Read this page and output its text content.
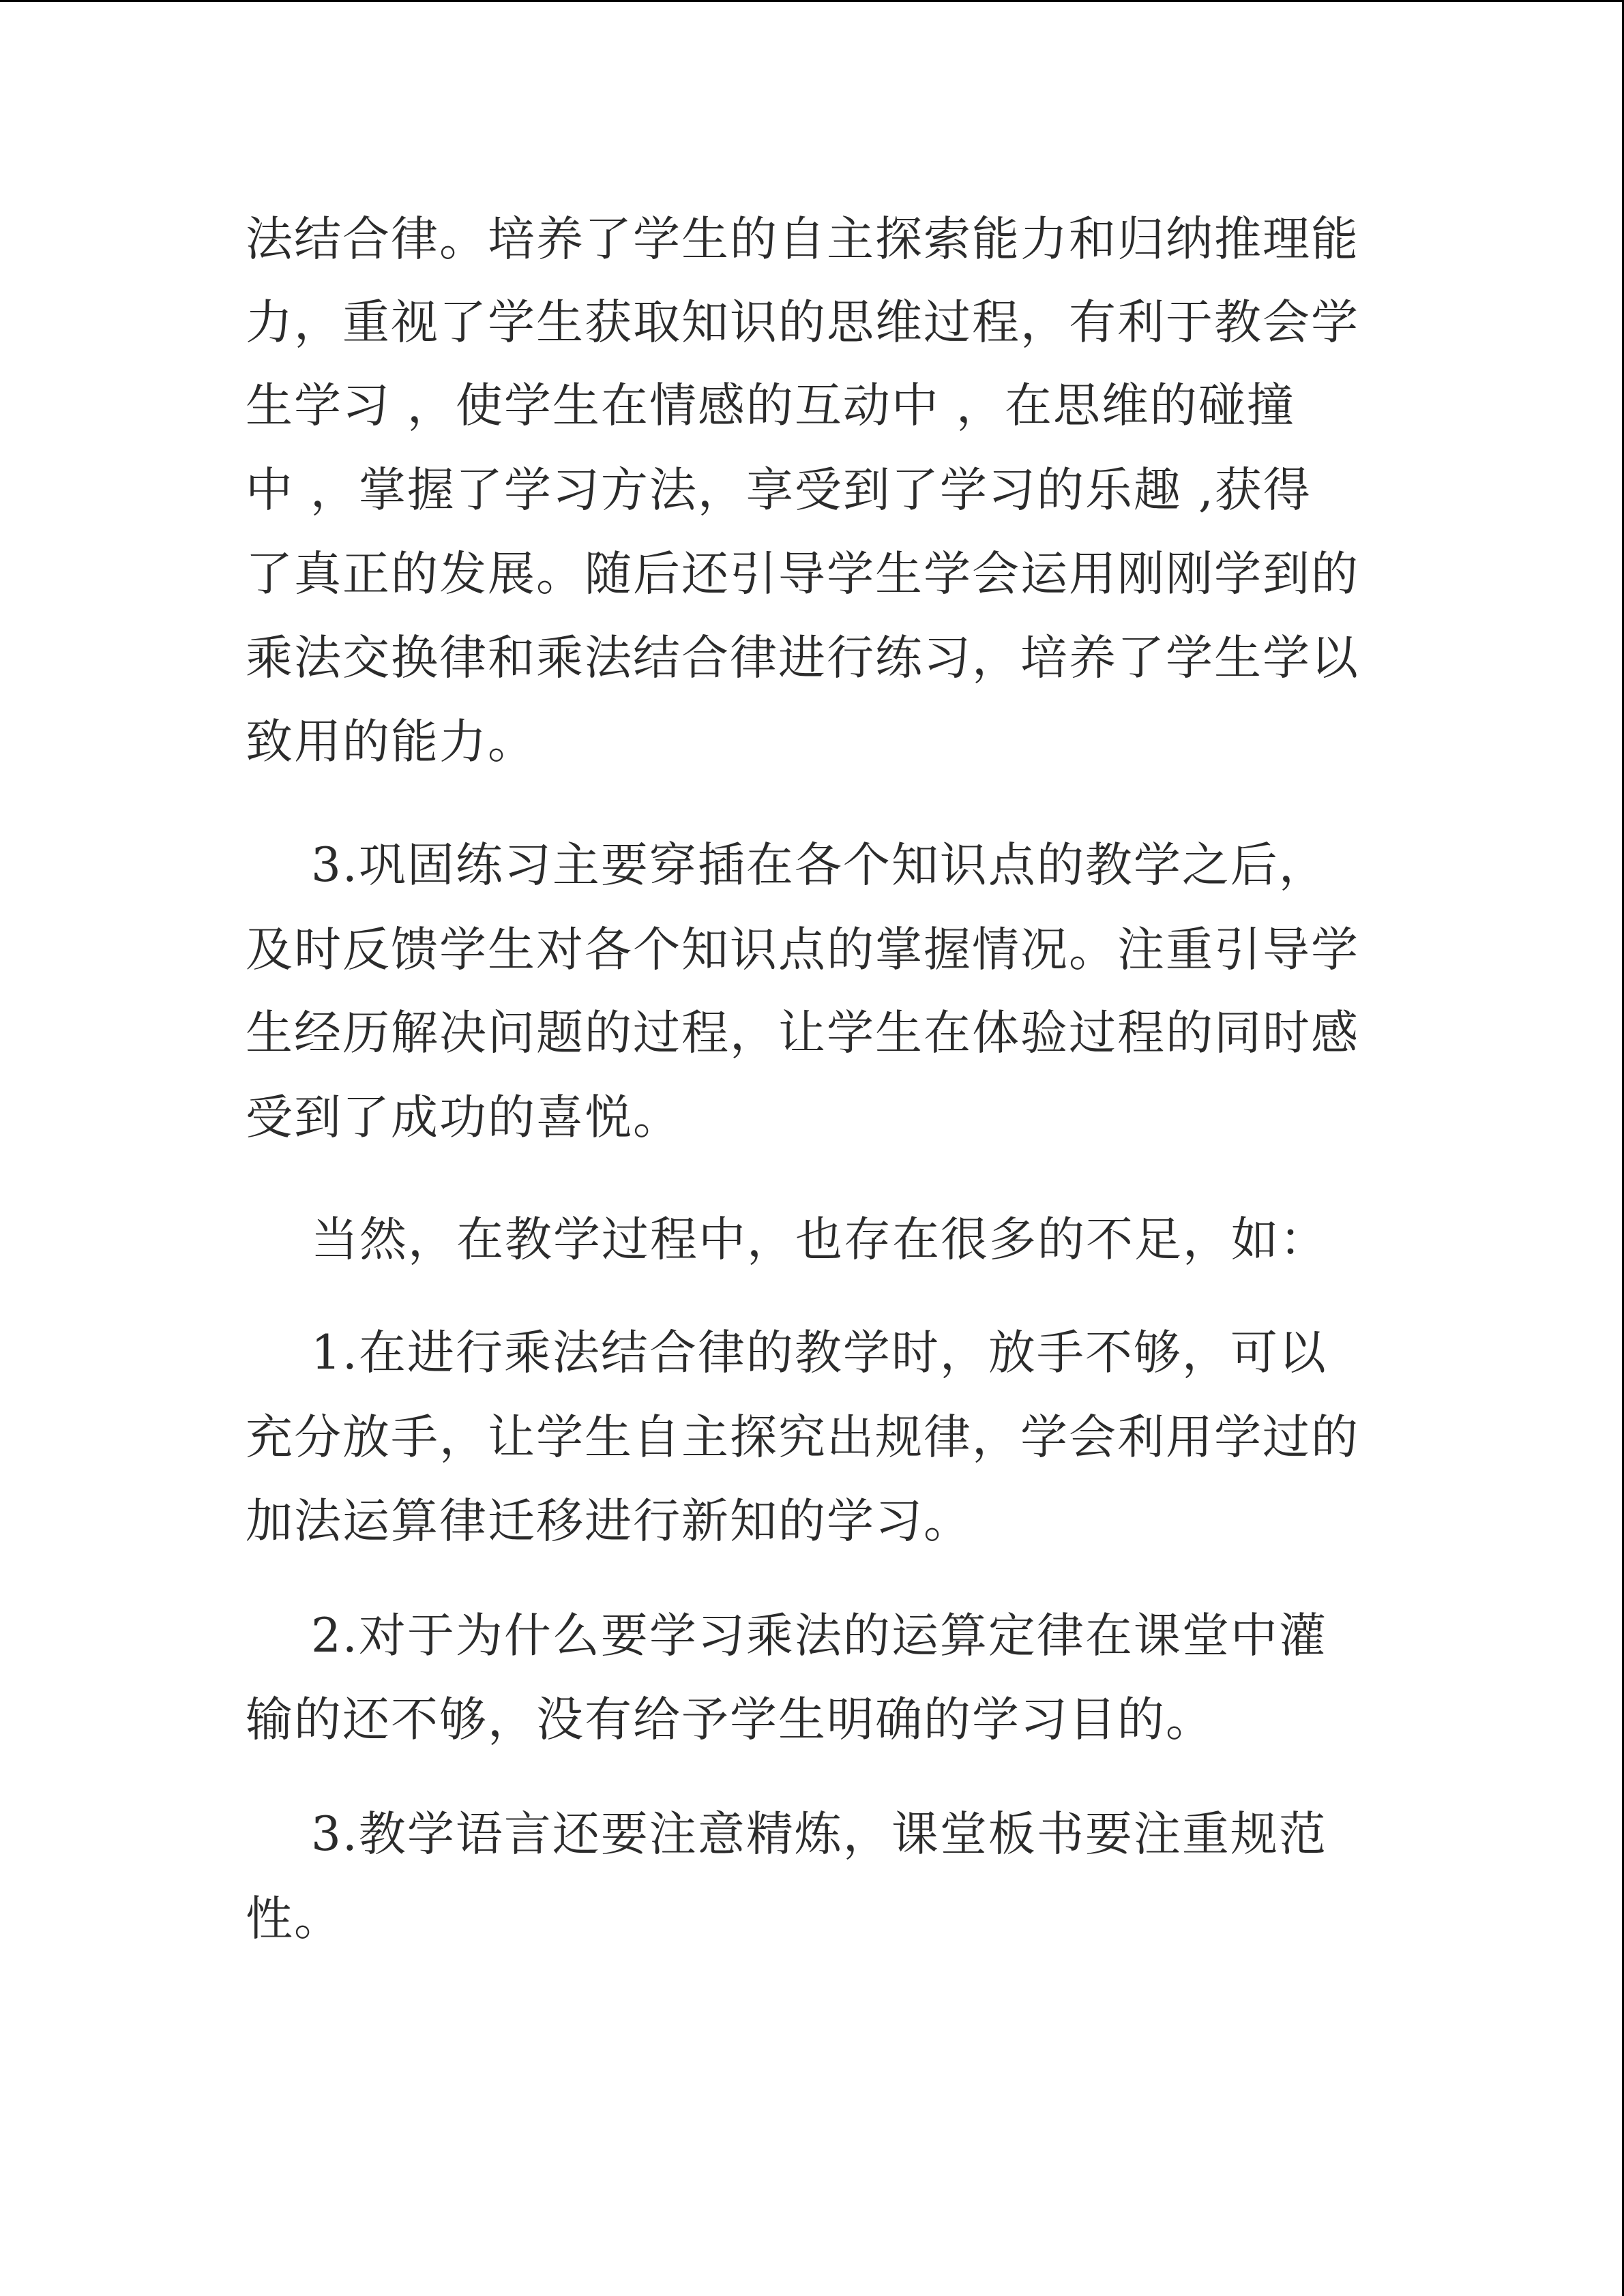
法结合律。培养了学生的自主探索能力和归纳推理能
力，重视了学生获取知识的思维过程，有利于教会学
生学习 ，使学生在情感的互动中 ，在思维的碰撞
中 ，掌握了学习方法，享受到了学习的乐趣 ,获得
了真正的发展。随后还引导学生学会运用刚刚学到的
乘法交换律和乘法结合律进行练习，培养了学生学以
致用的能力。
3.巩固练习主要穿插在各个知识点的教学之后，
及时反馈学生对各个知识点的掌握情况。注重引导学
生经历解决问题的过程，让学生在体验过程的同时感
受到了成功的喜悦。
当然，在教学过程中，也存在很多的不足，如：
1.在进行乘法结合律的教学时，放手不够，可以
充分放手，让学生自主探究出规律，学会利用学过的
加法运算律迁移进行新知的学习。
2.对于为什么要学习乘法的运算定律在课堂中灌
输的还不够，没有给予学生明确的学习目的。
3.教学语言还要注意精炼，课堂板书要注重规范
性。
